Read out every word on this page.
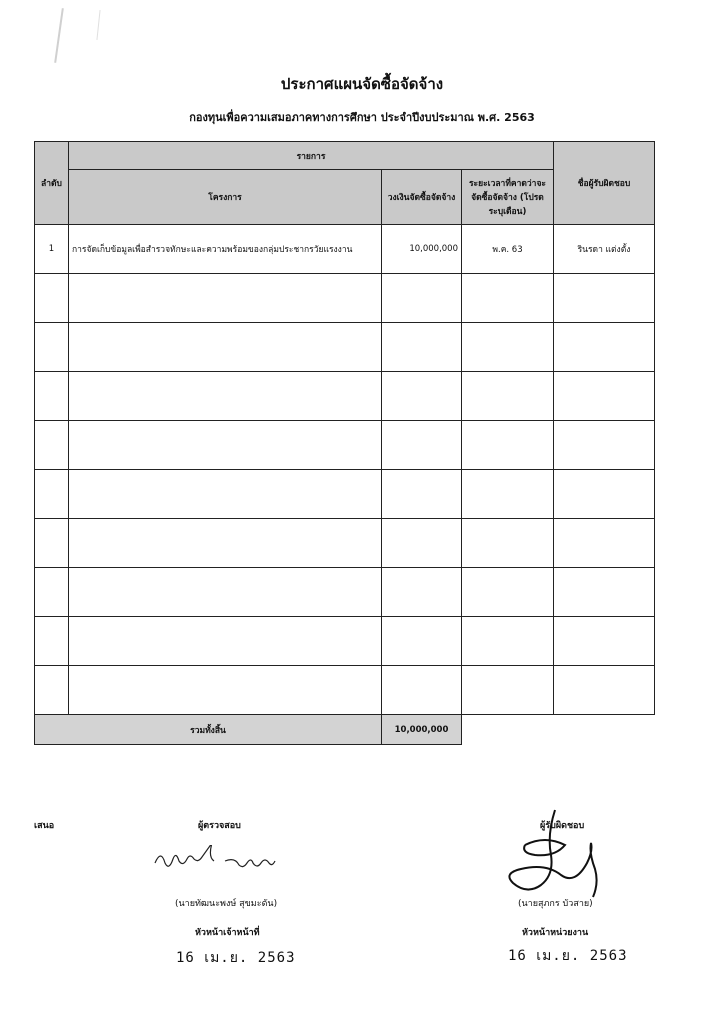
ประกาศแผนจัดซื้อจัดจ้าง
กองทุนเพื่อความเสมอภาคทางการศึกษา ประจำปีงบประมาณ พ.ศ. 2563
ลำดับ	รายการ			ชื่อผู้รับผิดชอบ
	โครงการ	วงเงินจัดซื้อจัดจ้าง	ระยะเวลาที่คาดว่าจะจัดซื้อจัดจ้าง (โปรดระบุเดือน)	
1	การจัดเก็บข้อมูลเพื่อสำรวจทักษะและความพร้อมของกลุ่มประชากรวัยแรงงาน	10,000,000	พ.ค. 63	รินรดา แต่งตั้ง

รวมทั้งสิ้น		10,000,000		
เสนอ	ผู้ตรวจสอบ	ผู้รับผิดชอบ
(นายทัฒนะพงษ์ สุขมะดัน)	(นายสุภกร บัวสาย)
หัวหน้าเจ้าหน้าที่	หัวหน้าหน่วยงาน
16 เม.ย. 2563	16 เม.ย. 2563
